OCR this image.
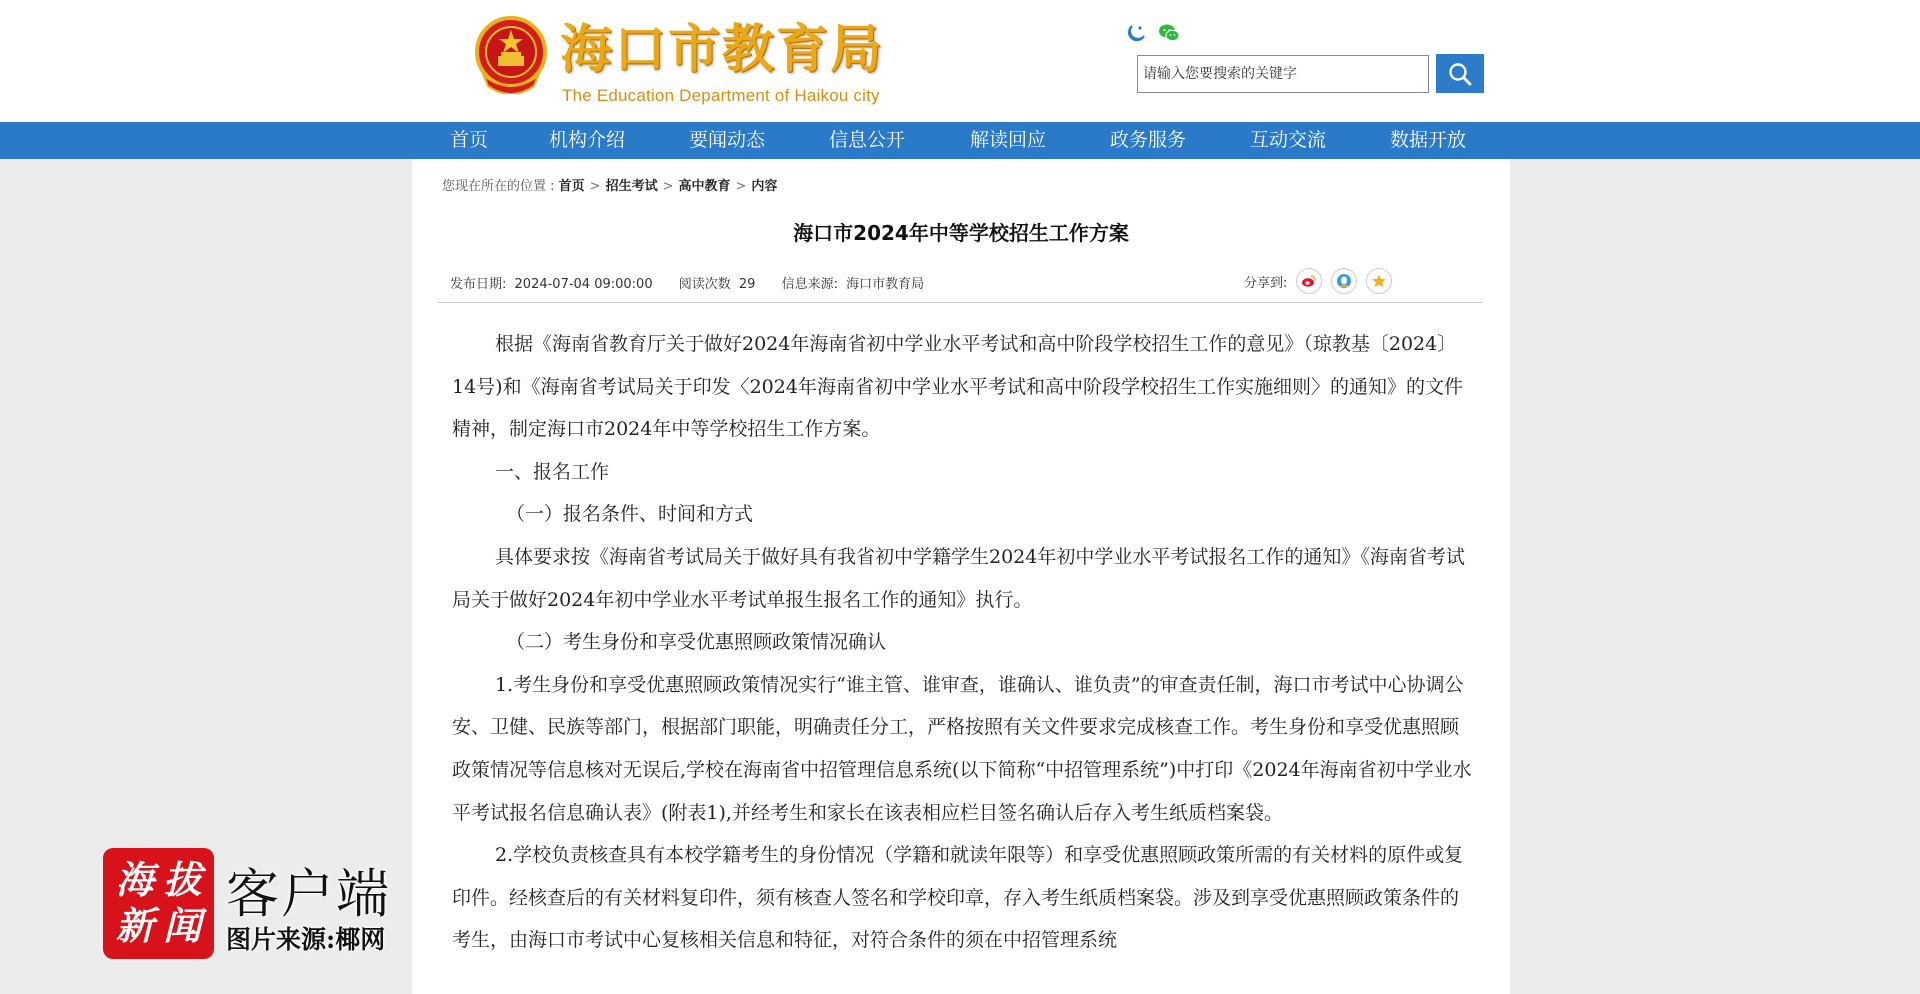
海口市教育局
The Education Department of Haikou city
请输入您要搜索的关键字
首页	机构介绍	要闻动态	信息公开	解读回应	政务服务	互动交流	数据开放
您现在所在的位置 : 首页 > 招生考试 > 高中教育 > 内容
海口市2024年中等学校招生工作方案
发布日期: 2024-07-04 09:00:00 阅读次数 29 信息来源: 海口市教育局	分享到:

根据《海南省教育厅关于做好2024年海南省初中学业水平考试和高中阶段学校招生工作的意见》（琼教基〔2024〕14号)和《海南省考试局关于印发〈2024年海南省初中学业水平考试和高中阶段学校招生工作实施细则〉的通知》的文件精神，制定海口市2024年中等学校招生工作方案。

一、报名工作

（一）报名条件、时间和方式

具体要求按《海南省考试局关于做好具有我省初中学籍学生2024年初中学业水平考试报名工作的通知》《海南省考试局关于做好2024年初中学业水平考试单报生报名工作的通知》执行。

（二）考生身份和享受优惠照顾政策情况确认

1.考生身份和享受优惠照顾政策情况实行“谁主管、谁审查，谁确认、谁负责”的审查责任制，海口市考试中心协调公安、卫健、民族等部门，根据部门职能，明确责任分工，严格按照有关文件要求完成核查工作。考生身份和享受优惠照顾政策情况等信息核对无误后,学校在海南省中招管理信息系统(以下简称“中招管理系统”)中打印《2024年海南省初中学业水平考试报名信息确认表》(附表1),并经考生和家长在该表相应栏目签名确认后存入考生纸质档案袋。

2.学校负责核查具有本校学籍考生的身份情况（学籍和就读年限等）和享受优惠照顾政策所需的有关材料的原件或复印件。经核查后的有关材料复印件，须有核查人签名和学校印章，存入考生纸质档案袋。涉及到享受优惠照顾政策条件的考生，由海口市考试中心复核相关信息和特征，对符合条件的须在中招管理系统

海 拔
新 闻 客户端
图片来源:椰网
